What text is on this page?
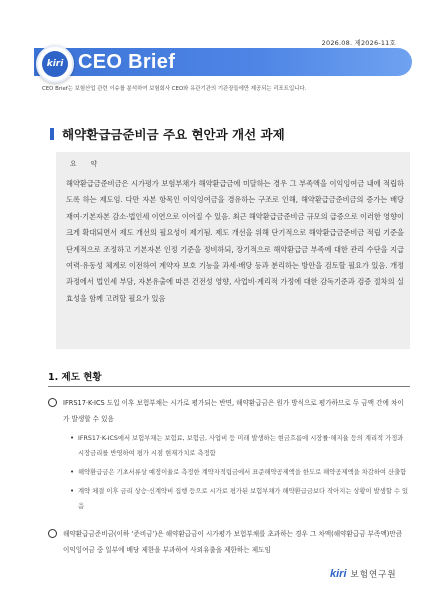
2026.08. 제2026-11호
kiri CEO Brief
CEO Brief는 보험산업 관련 이슈를 분석하여 보험회사 CEO와 유관기관의 기관장들에만 제공되는 리포트입니다.
해약환급금준비금 주요 현안과 개선 과제
요 약
해약환급금준비금은 시가평가 보험부채가 해약환급금에 미달하는 경우 그 부족액을 이익잉여금 내에 적립하도록 하는 제도임. 다만 자본 항목인 이익잉여금을 경유하는 구조로 인해, 해약환급금준비금의 증가는 배당 재여·기본자본 감소·법인세 이연으로 이어질 수 있음. 최근 해약환급금준비금 규모의 급증으로 이러한 영향이 크게 확대되면서 제도 개선의 필요성이 제기됨. 제도 개선을 위해 단기적으로 해약환급금준비금 적립 기준을 단계적으로 조정하고 기본자본 인정 기준을 정비하되, 장기적으로 해약환급금 부족에 대한 관리 수단을 지급여력·유동성 체계로 이전하여 계약자 보호 기능을 과세·배당 등과 분리하는 방안을 검토할 필요가 있음. 개정 과정에서 법인세 부담, 자본유출에 따른 건전성 영향, 사업비·계리적 가정에 대한 감독기준과 검증 절차의 실효성을 함께 고려할 필요가 있음
1. 제도 현황
IFRS17·K-ICS 도입 이후 보험부채는 시가로 평가되는 반면, 해약환급금은 원가 방식으로 평가하므로 두 금액 간에 차이가 발생할 수 있음
• IFRS17·K-ICS에서 보험부채는 보험료, 보험금, 사업비 등 미래 발생하는 현금흐름에 시장률·해지율 등의 계리적 가정과 시장금리를 반영하여 평가 시점 현재가치로 측정함
• 해약환급금은 기초서류상 예정이율로 측정한 계약자적립금에서 표준해약공제액을 한도로 해약공제액을 차감하여 산출함
• 계약 체결 이후 금리 상승·신계약비 집행 등으로 시가로 평가된 보험부채가 해약환급금보다 작아지는 상황이 발생할 수 있음
해약환급금준비금(이하 ‘준비금’)은 해약환급금이 시가평가 보험부채를 초과하는 경우 그 차액(해약환급금 부족액)만큼 이익잉여금 중 일부에 배당 제한을 부과하여 사외유출을 제한하는 제도임
kiri 보험연구원
